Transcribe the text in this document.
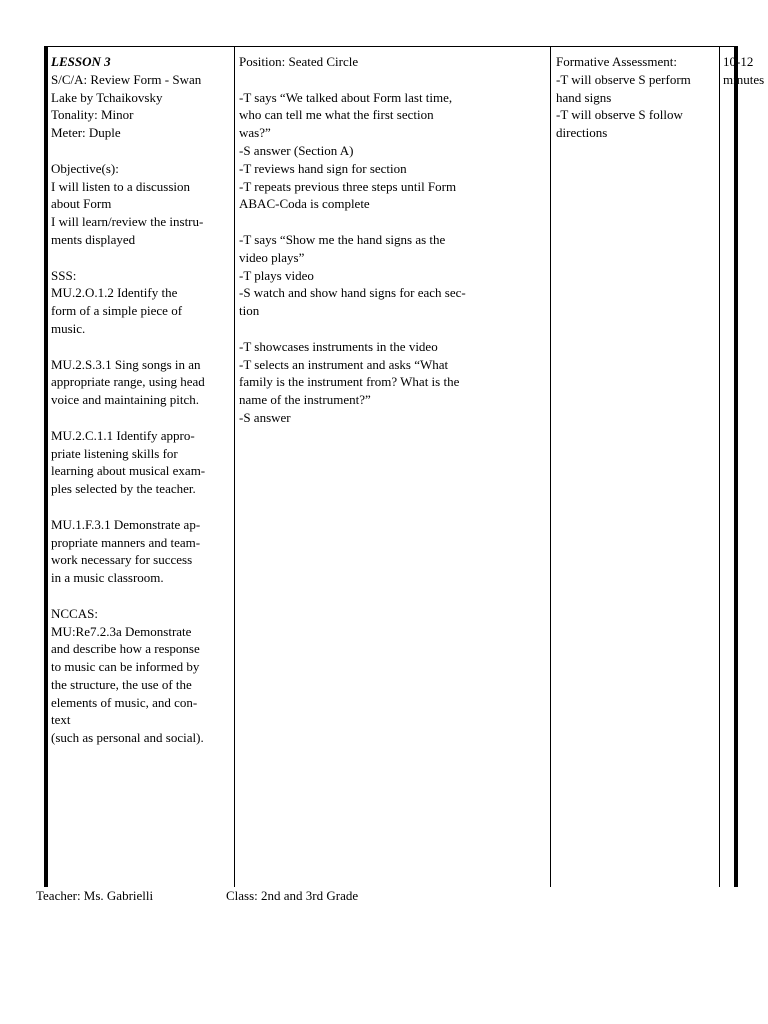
LESSON 3
S/C/A: Review Form - Swan
Lake by Tchaikovsky
Tonality: Minor
Meter: Duple
Objective(s):
I will listen to a discussion
about Form
I will learn/review the instru-
ments displayed
SSS:
MU.2.O.1.2 Identify the
form of a simple piece of
music.
MU.2.S.3.1 Sing songs in an
appropriate range, using head
voice and maintaining pitch.
MU.2.C.1.1 Identify appro-
priate listening skills for
learning about musical exam-
ples selected by the teacher.
MU.1.F.3.1 Demonstrate ap-
propriate manners and team-
work necessary for success
in a music classroom.
NCCAS:
MU:Re7.2.3a Demonstrate
and describe how a response
to music can be informed by
the structure, the use of the
elements of music, and con-
text
(such as personal and social).
Position: Seated Circle
-T says “We talked about Form last time,
who can tell me what the first section
was?”
-S answer (Section A)
-T reviews hand sign for section
-T repeats previous three steps until Form
ABAC-Coda is complete
-T says “Show me the hand signs as the
video plays”
-T plays video
-S watch and show hand signs for each sec-
tion
-T showcases instruments in the video
-T selects an instrument and asks “What
family is the instrument from? What is the
name of the instrument?”
-S answer
Formative Assessment:
-T will observe S perform
hand signs
-T will observe S follow
directions
10-12
minutes
Teacher: Ms. Gabrielli	Class: 2nd and 3rd Grade
